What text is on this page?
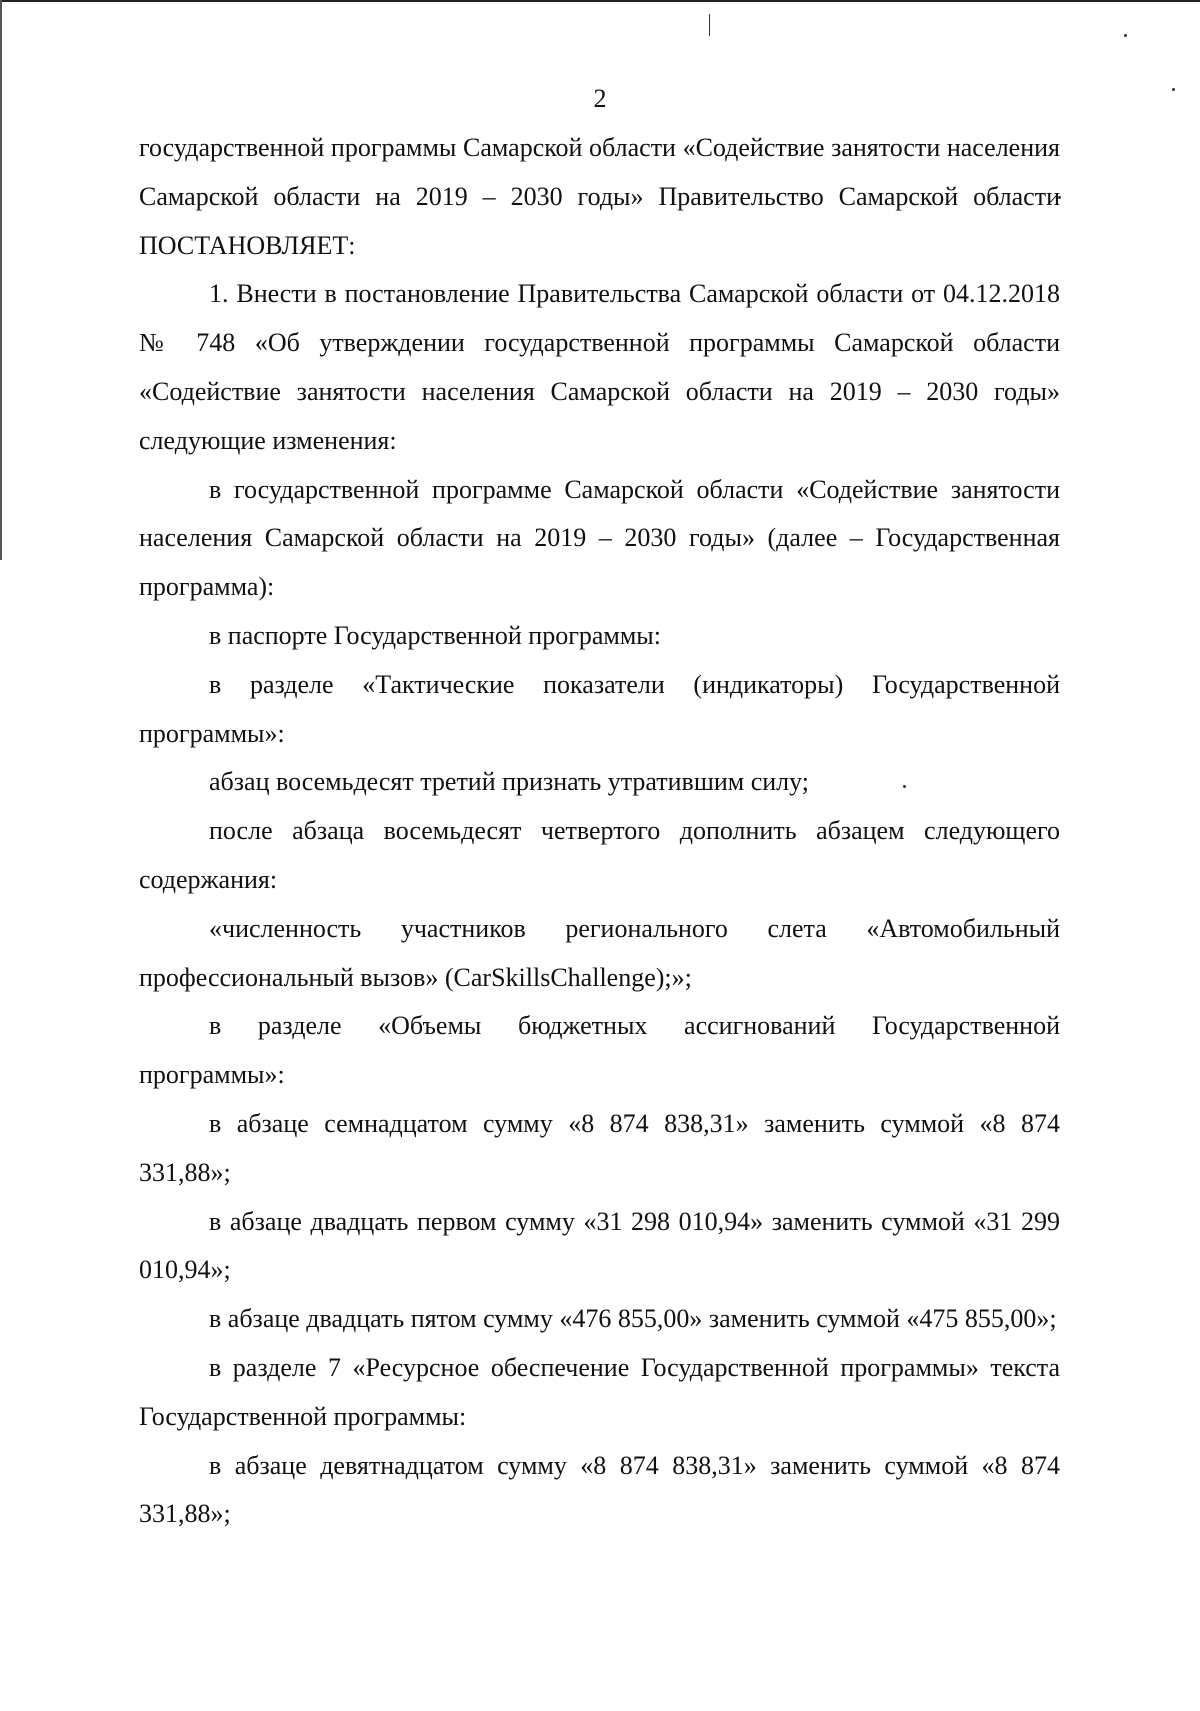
2

государственной программы Самарской области «Содействие занятости населения Самарской области на 2019 – 2030 годы» Правительство Самарской области ПОСТАНОВЛЯЕТ:

1. Внести в постановление Правительства Самарской области от 04.12.2018 № 748 «Об утверждении государственной программы Самарской области «Содействие занятости населения Самарской области на 2019 – 2030 годы» следующие изменения:

в государственной программе Самарской области «Содействие занятости населения Самарской области на 2019 – 2030 годы» (далее – Государственная программа):

в паспорте Государственной программы:

в разделе «Тактические показатели (индикаторы) Государственной программы»:

абзац восемьдесят третий признать утратившим силу;

после абзаца восемьдесят четвертого дополнить абзацем следующего содержания:

«численность участников регионального слета «Автомобильный профессиональный вызов» (CarSkillsChallenge);»;

в разделе «Объемы бюджетных ассигнований Государственной программы»:

в абзаце семнадцатом сумму «8 874 838,31» заменить суммой «8 874 331,88»;

в абзаце двадцать первом сумму «31 298 010,94» заменить суммой «31 299 010,94»;

в абзаце двадцать пятом сумму «476 855,00» заменить суммой «475 855,00»;

в разделе 7 «Ресурсное обеспечение Государственной программы» текста Государственной программы:

в абзаце девятнадцатом сумму «8 874 838,31» заменить суммой «8 874 331,88»;
